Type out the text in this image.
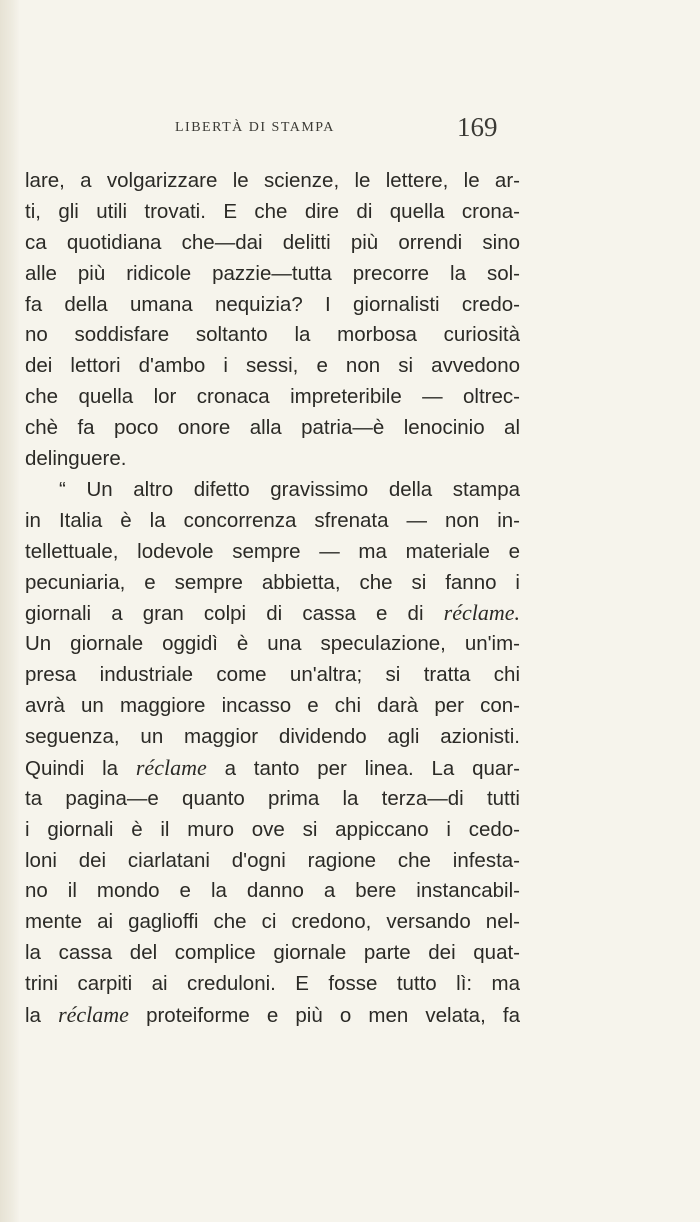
LIBERTÀ DI STAMPA	169
lare, a volgarizzare le scienze, le lettere, le ar-
ti, gli utili trovati. E che dire di quella crona-
ca quotidiana che—dai delitti più orrendi sino
alle più ridicole pazzie—tutta precorre la sol-
fa della umana nequizia? I giornalisti credo-
no soddisfare soltanto la morbosa curiosità
dei lettori d'ambo i sessi, e non si avvedono
che quella lor cronaca impreteribile — oltrec-
chè fa poco onore alla patria—è lenocinio al
delinguere.
“ Un altro difetto gravissimo della stampa
in Italia è la concorrenza sfrenata — non in-
tellettuale, lodevole sempre — ma materiale e
pecuniaria, e sempre abbietta, che si fanno i
giornali a gran colpi di cassa e di réclame.
Un giornale oggidì è una speculazione, un'im-
presa industriale come un'altra; si tratta chi
avrà un maggiore incasso e chi darà per con-
seguenza, un maggior dividendo agli azionisti.
Quindi la réclame a tanto per linea. La quar-
ta pagina—e quanto prima la terza—di tutti
i giornali è il muro ove si appiccano i cedo-
loni dei ciarlatani d'ogni ragione che infesta-
no il mondo e la danno a bere instancabil-
mente ai gaglioffi che ci credono, versando nel-
la cassa del complice giornale parte dei quat-
trini carpiti ai creduloni. E fosse tutto lì: ma
la réclame proteiforme e più o men velata, fa
